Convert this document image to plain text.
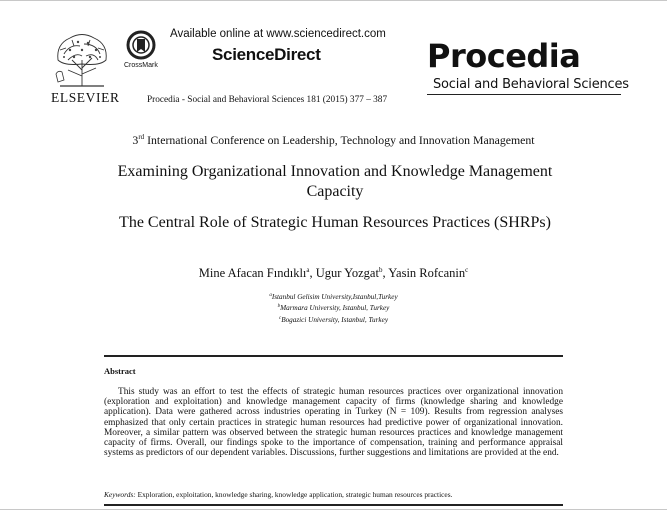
ELSEVIER
CrossMark
Available online at www.sciencedirect.com
ScienceDirect
Procedia - Social and Behavioral Sciences 181 (2015) 377 – 387
Procedia
Social and Behavioral Sciences
3rd International Conference on Leadership, Technology and Innovation Management
Examining Organizational Innovation and Knowledge Management Capacity
The Central Role of Strategic Human Resources Practices (SHRPs)
Mine Afacan Fındıklı$^a$, Ugur Yozgat$^b$, Yasin Rofcanin$^c$
$^a$Istanbul Gelisim University,Istanbul,Turkey
$^b$Marmara University, Istanbul, Turkey
$^c$Bogazici University, Istanbul, Turkey
Abstract
This study was an effort to test the effects of strategic human resources practices over organizational innovation (exploration and exploitation) and knowledge management capacity of firms (knowledge sharing and knowledge application). Data were gathered across industries operating in Turkey (N = 109). Results from regression analyses emphasized that only certain practices in strategic human resources had predictive power of organizational innovation. Moreover, a similar pattern was observed between the strategic human resources practices and knowledge management capacity of firms. Overall, our findings spoke to the importance of compensation, training and performance appraisal systems as predictors of our dependent variables. Discussions, further suggestions and limitations are provided at the end.
Keywords: Exploration, exploitation, knowledge sharing, knowledge application, strategic human resources practices.
